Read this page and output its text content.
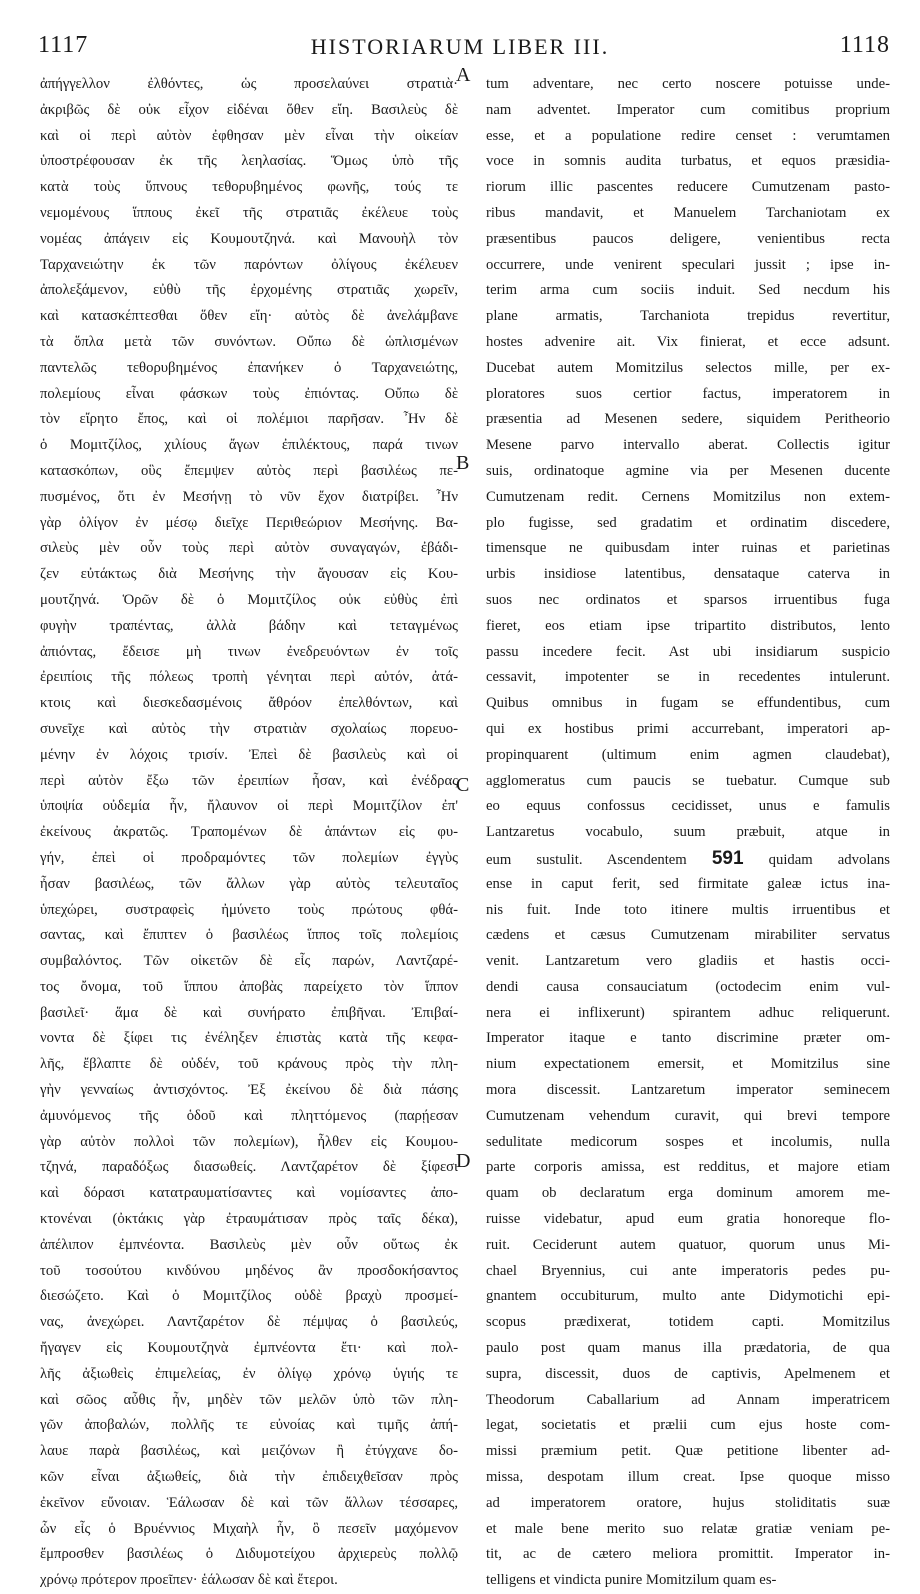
1117	HISTORIARUM LIBER III.	1118
ἀπήγγελλον ἐλθόντες, ὡς προσελαύνει στρατιὰ·
ἀκριβῶς δὲ οὐκ εἶχον εἰδέναι ὅθεν εἴη. Βασιλεὺς δὲ
καὶ οἱ περὶ αὐτὸν ἐφθησαν μὲν εἶναι τὴν οἰκείαν
ὑποστρέφουσαν ἐκ τῆς λεηλασίας. Ὅμως ὑπὸ τῆς
κατὰ τοὺς ὕπνους τεθορυβημένος φωνῆς, τούς τε
νεμομένους ἵππους ἐκεῖ τῆς στρατιᾶς ἐκέλευε τοὺς
νομέας ἀπάγειν εἰς Κουμουτζηνά. καὶ Μανουὴλ τὸν
Ταρχανειώτην ἐκ τῶν παρόντων ὀλίγους ἐκέλευεν
ἀπολεξάμενον, εὐθὺ τῆς ἐρχομένης στρατιᾶς χωρεῖν,
καὶ κατασκέπτεσθαι ὅθεν εἴη· αὐτὸς δὲ ἀνελάμβανε
τὰ ὅπλα μετὰ τῶν συνόντων. Οὔπω δὲ ὡπλισμένων
παντελῶς τεθορυβημένος ἐπανήκεν ὁ Ταρχανειώτης,
πολεμίους εἶναι φάσκων τοὺς ἐπιόντας. Οὔπω δὲ
τὸν εἴρητο ἔπος, καὶ οἱ πολέμιοι παρῆσαν. Ἦν δὲ
ὁ Μομιτζίλος, χιλίους ἄγων ἐπιλέκτους, παρά τινων
κατασκόπων, οὓς ἔπεμψεν αὐτὸς περὶ βασιλέως πε-
πυσμένος, ὅτι ἐν Μεσήνῃ τὸ νῦν ἔχον διατρίβει. Ἦν
γὰρ ὀλίγον ἐν μέσῳ διεῖχε Περιθεώριον Μεσήνης. Βα-
σιλεὺς μὲν οὖν τοὺς περὶ αὐτὸν συναγαγών, ἐβάδι-
ζεν εὐτάκτως διὰ Μεσήνης τὴν ἄγουσαν εἰς Κου-
μουτζηνά. Ὁρῶν δὲ ὁ Μομιτζίλος οὐκ εὐθὺς ἐπὶ
φυγὴν τραπέντας, ἀλλὰ βάδην καὶ τεταγμένως
ἀπιόντας, ἔδεισε μὴ τινων ἐνεδρευόντων ἐν τοῖς
ἐρειπίοις τῆς πόλεως τροπὴ γένηται περὶ αὐτόν, ἀτά-
κτοις καὶ διεσκεδασμένοις ἄθρόον ἐπελθόντων, καὶ
συνεῖχε καὶ αὐτὸς τὴν στρατιὰν σχολαίως πορευο-
μένην ἐν λόχοις τρισίν. Ἐπεὶ δὲ βασιλεὺς καὶ οἱ
περὶ αὐτὸν ἔξω τῶν ἐρειπίων ἦσαν, καὶ ἐνέδρας
ὑποψία οὐδεμία ἦν, ἤλαυνον οἱ περὶ Μομιτζίλον ἐπ'
ἐκείνους ἀκρατῶς. Τραπομένων δὲ ἁπάντων εἰς φυ-
γήν, ἐπεὶ οἱ προδραμόντες τῶν πολεμίων ἐγγὺς
ἦσαν βασιλέως, τῶν ἄλλων γὰρ αὐτὸς τελευταῖος
ὑπεχώρει, συστραφεὶς ἠμύνετο τοὺς πρώτους φθά-
σαντας, καὶ ἔπιπτεν ὁ βασιλέως ἵππος τοῖς πολεμίοις
συμβαλόντος. Τῶν οἰκετῶν δὲ εἷς παρών, Λαντζαρέ-
τος ὄνομα, τοῦ ἵππου ἀποβὰς παρείχετο τὸν ἵππον
βασιλεῖ· ἅμα δὲ καὶ συνήρατο ἐπιβῆναι. Ἐπιβαί-
νοντα δὲ ξίφει τις ἐνέληξεν ἐπιστὰς κατὰ τῆς κεφα-
λῆς, ἔβλαπτε δὲ οὐδέν, τοῦ κράνους πρὸς τὴν πλη-
γὴν γενναίως ἀντισχόντος. Ἐξ ἐκείνου δὲ διὰ πάσης
ἀμυνόμενος τῆς ὁδοῦ καὶ πληττόμενος (παρῄεσαν
γὰρ αὐτὸν πολλοὶ τῶν πολεμίων), ἦλθεν εἰς Κουμου-
τζηνά, παραδόξως διασωθείς. Λαντζαρέτον δὲ ξίφεσι
καὶ δόρασι κατατραυματίσαντες καὶ νομίσαντες ἀπο-
κτονέναι (ὀκτάκις γὰρ ἐτραυμάτισαν πρὸς ταῖς δέκα),
ἀπέλιπον ἐμπνέοντα. Βασιλεὺς μὲν οὖν οὕτως ἐκ
τοῦ τοσούτου κινδύνου μηδένος ἂν προσδοκήσαντος
διεσώζετο. Καὶ ὁ Μομιτζίλος οὐδὲ βραχὺ προσμεί-
νας, ἀνεχώρει. Λαντζαρέτον δὲ πέμψας ὁ βασιλεύς,
ἤγαγεν εἰς Κουμουτζηνὰ ἐμπνέοντα ἔτι· καὶ πολ-
λῆς ἀξιωθεὶς ἐπιμελείας, ἐν ὀλίγῳ χρόνῳ ὑγιής τε
καὶ σῶος αὖθις ἦν, μηδὲν τῶν μελῶν ὑπὸ τῶν πλη-
γῶν ἀποβαλών, πολλῆς τε εὐνοίας καὶ τιμῆς ἀπή-
λαυε παρὰ βασιλέως, καὶ μειζόνων ἢ ἐτύγχανε δο-
κῶν εἶναι ἀξιωθείς, διὰ τὴν ἐπιδειχθεῖσαν πρὸς
ἐκεῖνον εὔνοιαν. Ἑάλωσαν δὲ καὶ τῶν ἄλλων τέσσαρες,
ὧν εἷς ὁ Βρυέννιος Μιχαὴλ ἦν, ὃ πεσεῖν μαχόμενον
ἔμπροσθεν βασιλέως ὁ Διδυμοτείχου ἀρχιερεὺς πολλῷ
χρόνῳ πρότερον προεῖπεν· ἑάλωσαν δὲ καὶ ἕτεροι.
tum adventare, nec certo noscere potuisse unde-
nam adventet. Imperator cum comitibus proprium
esse, et a populatione redire censet : verumtamen
voce in somnis audita turbatus, et equos præsidia-
riorum illic pascentes reducere Cumutzenam pasto-
ribus mandavit, et Manuelem Tarchaniotam ex
præsentibus paucos deligere, venientibus recta
occurrere, unde venirent speculari jussit ; ipse in-
terim arma cum sociis induit. Sed necdum his
plane armatis, Tarchaniota trepidus revertitur,
hostes advenire ait. Vix finierat, et ecce adsunt.
Ducebat autem Momitzilus selectos mille, per ex-
ploratores suos certior factus, imperatorem in
præsentia ad Mesenen sedere, siquidem Peritheorio
Mesene parvo intervallo aberat. Collectis igitur
suis, ordinatoque agmine via per Mesenen ducente
Cumutzenam redit. Cernens Momitzilus non extem-
plo fugisse, sed gradatim et ordinatim discedere,
timensque ne quibusdam inter ruinas et parietinas
urbis insidiose latentibus, densataque caterva in
suos nec ordinatos et sparsos irruentibus fuga
fieret, eos etiam ipse tripartito distributos, lento
passu incedere fecit. Ast ubi insidiarum suspicio
cessavit, impotenter se in recedentes intulerunt.
Quibus omnibus in fugam se effundentibus, cum
qui ex hostibus primi accurrebant, imperatori ap-
propinquarent (ultimum enim agmen claudebat),
agglomeratus cum paucis se tuebatur. Cumque sub
eo equus confossus cecidisset, unus e famulis
Lantzaretus vocabulo, suum præbuit, atque in
eum sustulit. Ascendentem 591 quidam advolans
ense in caput ferit, sed firmitate galeæ ictus ina-
nis fuit. Inde toto itinere multis irruentibus et
cædens et cæsus Cumutzenam mirabiliter servatus
venit. Lantzaretum vero gladiis et hastis occi-
dendi causa consauciatum (octodecim enim vul-
nera ei inflixerunt) spirantem adhuc reliquerunt.
Imperator itaque e tanto discrimine præter om-
nium expectationem emersit, et Momitzilus sine
mora discessit. Lantzaretum imperator seminecem
Cumutzenam vehendum curavit, qui brevi tempore
sedulitate medicorum sospes et incolumis, nulla
parte corporis amissa, est redditus, et majore etiam
quam ob declaratum erga dominum amorem me-
ruisse videbatur, apud eum gratia honoreque flo-
ruit. Ceciderunt autem quatuor, quorum unus Mi-
chael Bryennius, cui ante imperatoris pedes pu-
gnantem occubiturum, multo ante Didymotichi epi-
scopus prædixerat, totidem capti. Momitzilus
paulo post quam manus illa prædatoria, de qua
supra, discessit, duos de captivis, Apelmenem et
Theodorum Caballarium ad Annam imperatricem
legat, societatis et prælii cum ejus hoste com-
missi præmium petit. Quæ petitione libenter ad-
missa, despotam illum creat. Ipse quoque misso
ad imperatorem oratore, hujus stoliditatis suæ
et male bene merito suo relatæ gratiæ veniam pe-
tit, ac de cætero meliora promittit. Imperator in-
telligens et vindicta punire Momitzilum quam es-
A
B
C
D
